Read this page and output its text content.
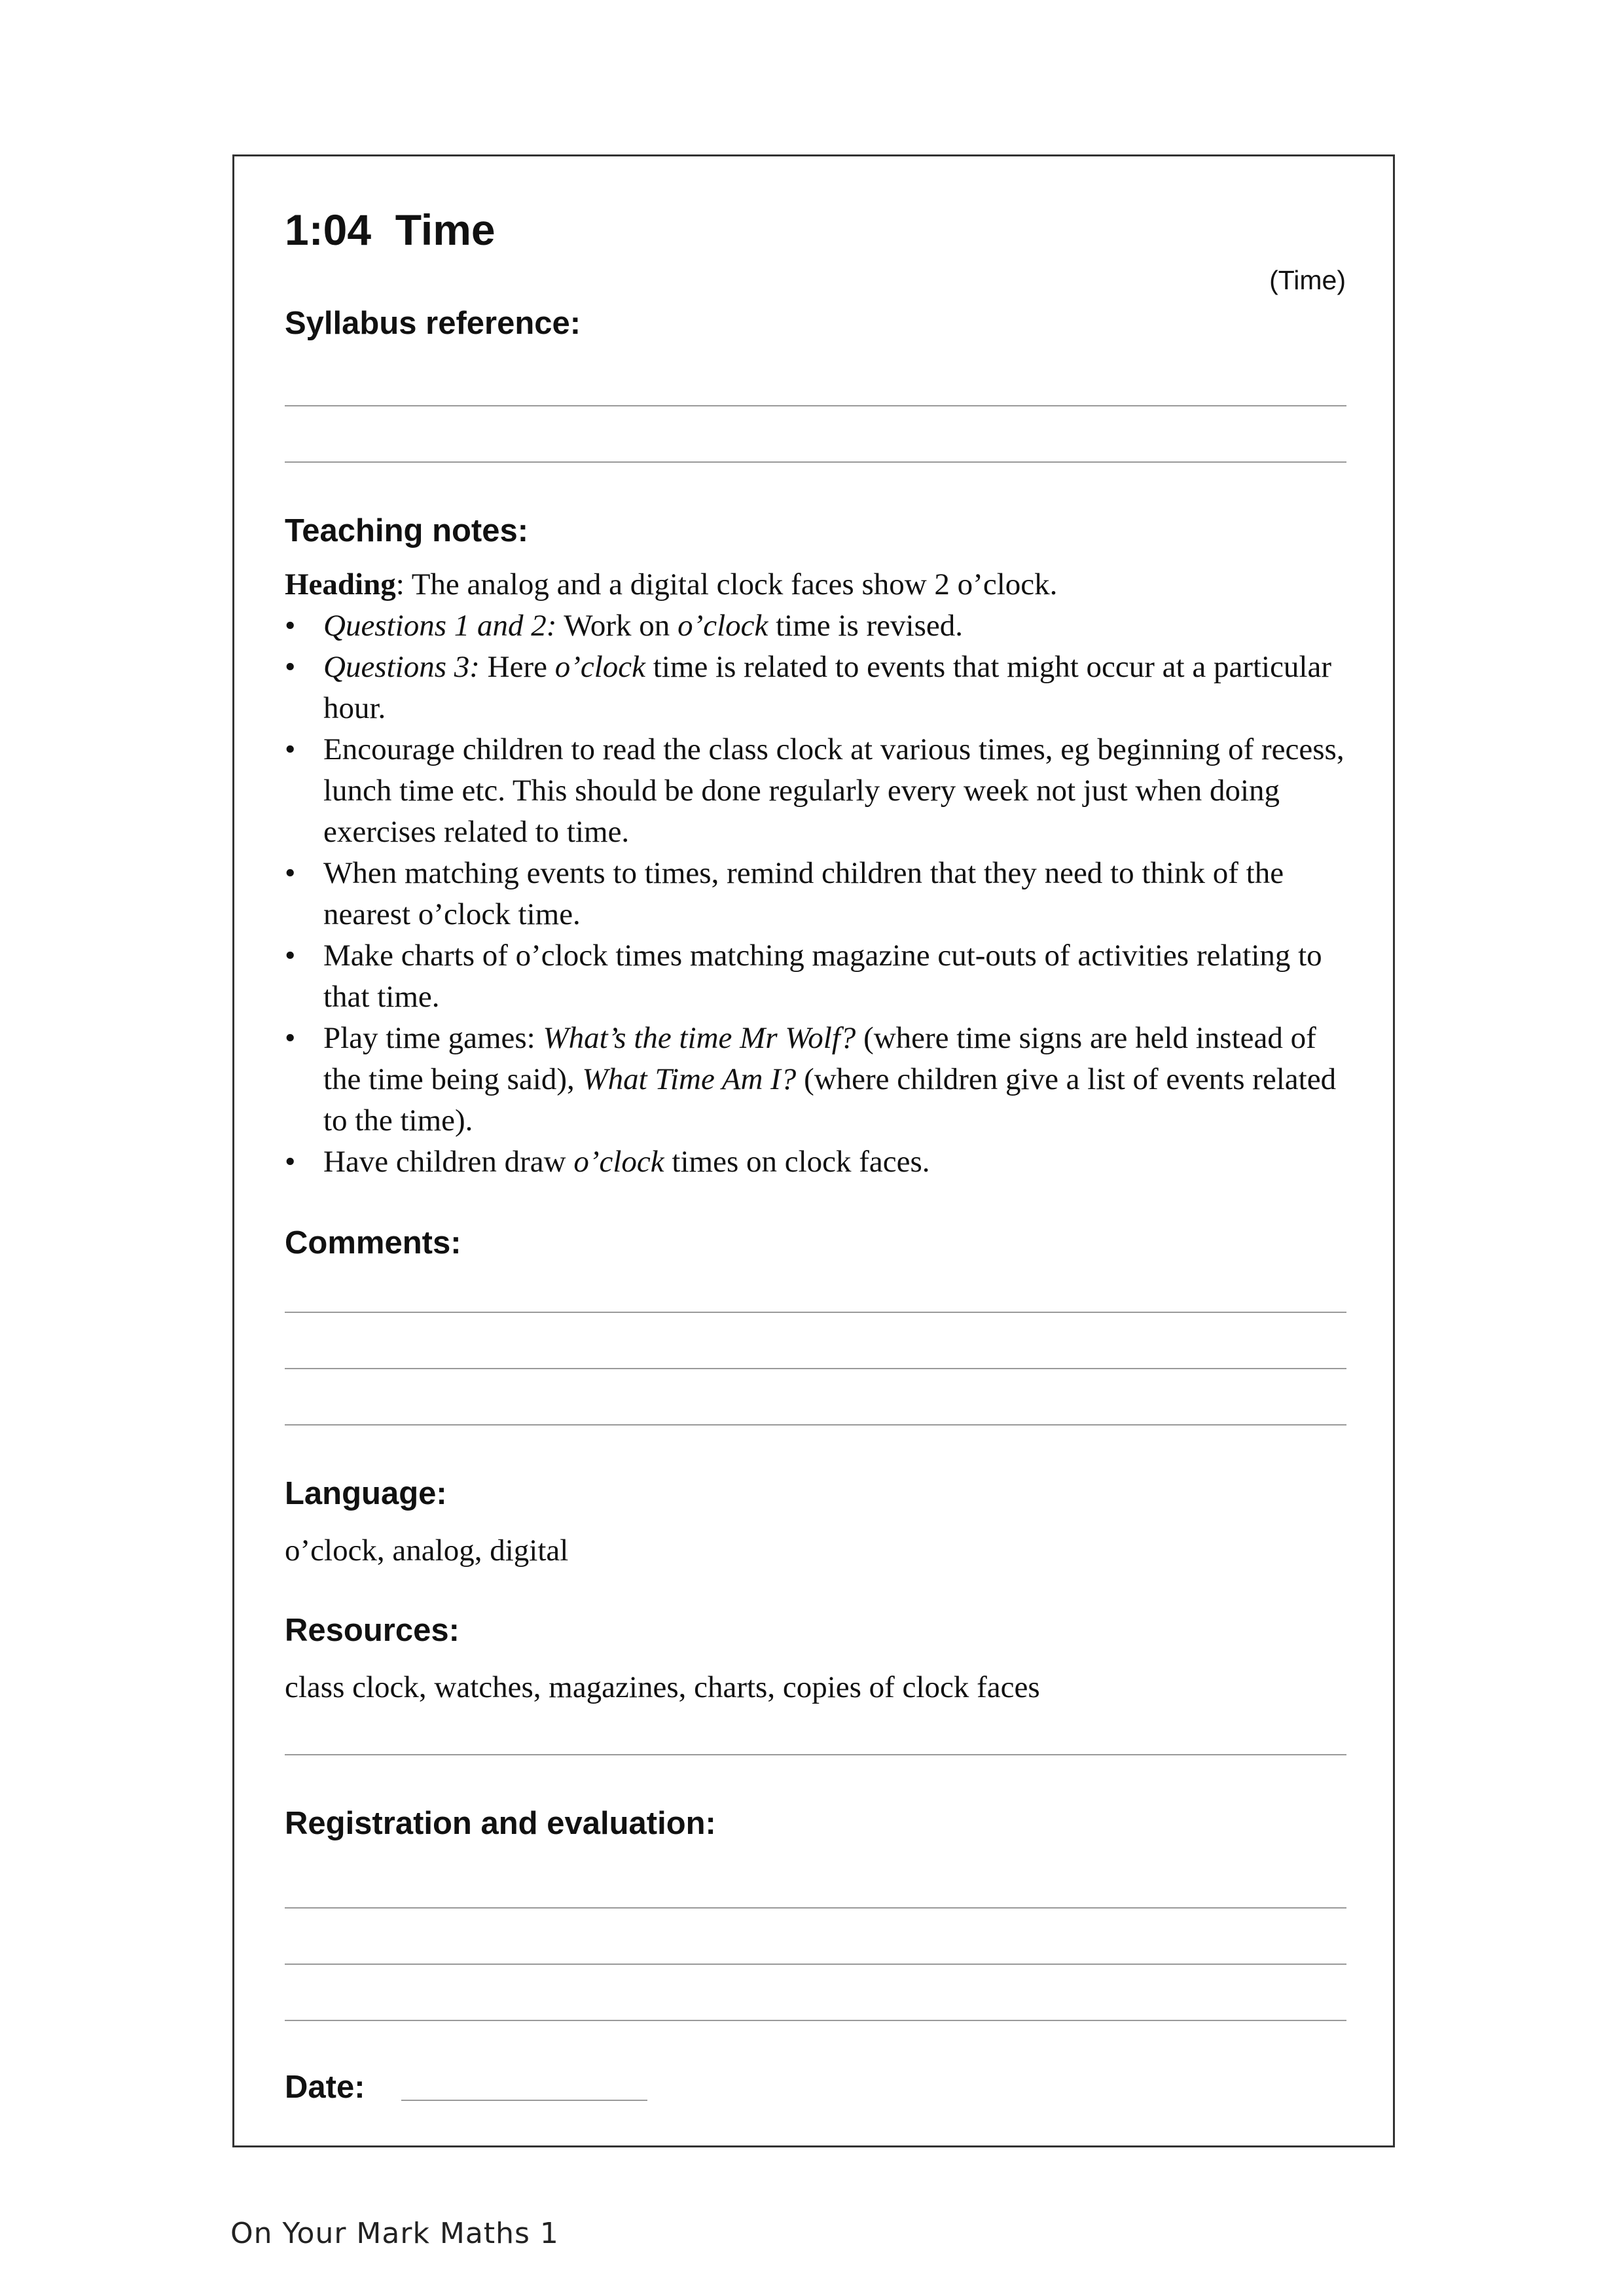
1:04  Time
(Time)
Syllabus reference:
Teaching notes:

Heading: The analog and a digital clock faces show 2 o’clock.

• Questions 1 and 2: Work on o’clock time is revised.
• Questions 3: Here o’clock time is related to events that might occur at a particular hour.
• Encourage children to read the class clock at various times, eg beginning of recess, lunch time etc. This should be done regularly every week not just when doing exercises related to time.
• When matching events to times, remind children that they need to think of the nearest o’clock time.
• Make charts of o’clock times matching magazine cut-outs of activities relating to that time.
• Play time games: What’s the time Mr Wolf? (where time signs are held instead of the time being said), What Time Am I? (where children give a list of events related to the time).
• Have children draw o’clock times on clock faces.
Comments:
Language:
o’clock, analog, digital
Resources:
class clock, watches, magazines, charts, copies of clock faces
Registration and evaluation:
Date:
On Your Mark Maths 1
